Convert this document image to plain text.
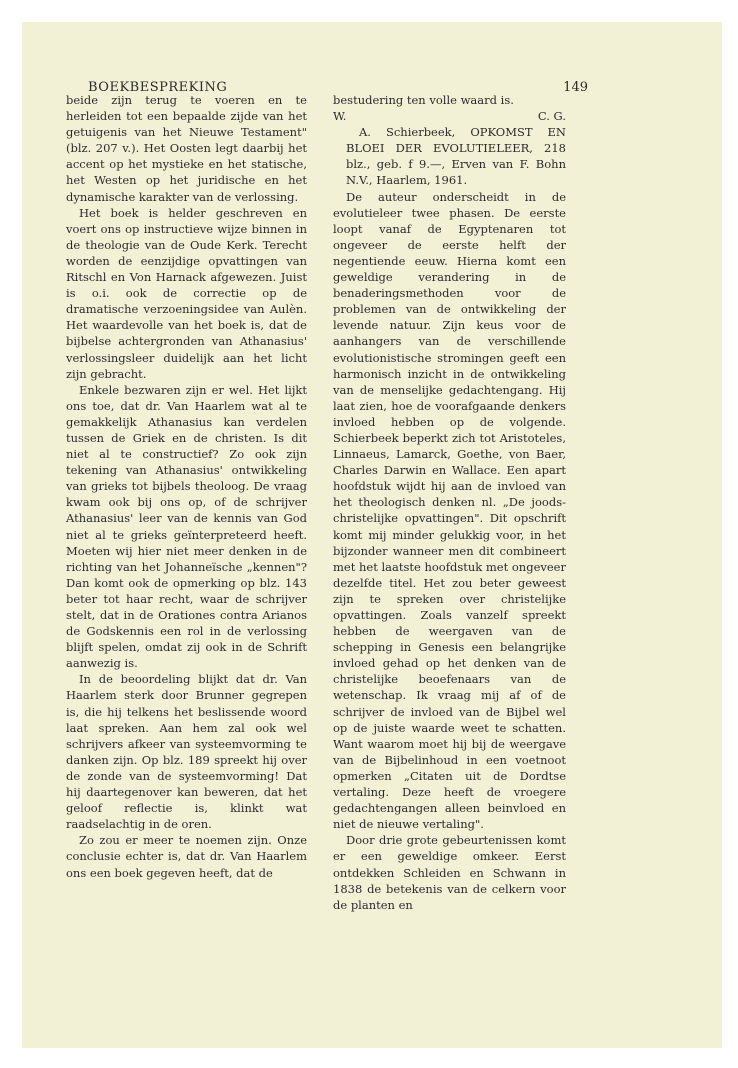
BOEKBESPREKING	149

beide zijn terug te voeren en te herleiden tot een bepaalde zijde van het getuigenis van het Nieuwe Testament" (blz. 207 v.). Het Oosten legt daarbij het accent op het mystieke en het statische, het Westen op het juridische en het dynamische karakter van de verlossing.

Het boek is helder geschreven en voert ons op instructieve wijze binnen in de theologie van de Oude Kerk. Terecht worden de eenzijdige opvattingen van Ritschl en Von Harnack afgewezen. Juist is o.i. ook de correctie op de dramatische verzoeningsidee van Aulèn. Het waardevolle van het boek is, dat de bijbelse achtergronden van Athanasius' verlossingsleer duidelijk aan het licht zijn gebracht.

Enkele bezwaren zijn er wel. Het lijkt ons toe, dat dr. Van Haarlem wat al te gemakkelijk Athanasius kan verdelen tussen de Griek en de christen. Is dit niet al te constructief? Zo ook zijn tekening van Athanasius' ontwikkeling van grieks tot bijbels theoloog. De vraag kwam ook bij ons op, of de schrijver Athanasius' leer van de kennis van God niet al te grieks geïnterpreteerd heeft. Moeten wij hier niet meer denken in de richting van het Johanneïsche „kennen"? Dan komt ook de opmerking op blz. 143 beter tot haar recht, waar de schrijver stelt, dat in de Orationes contra Arianos de Godskennis een rol in de verlossing blijft spelen, omdat zij ook in de Schrift aanwezig is.

In de beoordeling blijkt dat dr. Van Haarlem sterk door Brunner gegrepen is, die hij telkens het beslissende woord laat spreken. Aan hem zal ook wel schrijvers afkeer van systeemvorming te danken zijn. Op blz. 189 spreekt hij over de zonde van de systeemvorming! Dat hij daartegenover kan beweren, dat het geloof reflectie is, klinkt wat raadselachtig in de oren.

Zo zou er meer te noemen zijn. Onze conclusie echter is, dat dr. Van Haarlem ons een boek gegeven heeft, dat de

bestudering ten volle waard is.

W.	C. G.

A. Schierbeek, OPKOMST EN BLOEI DER EVOLUTIELEER, 218 blz., geb. f 9.—, Erven van F. Bohn N.V., Haarlem, 1961.

De auteur onderscheidt in de evolutieleer twee phasen. De eerste loopt vanaf de Egyptenaren tot ongeveer de eerste helft der negentiende eeuw. Hierna komt een geweldige verandering in de benaderingsmethoden voor de problemen van de ontwikkeling der levende natuur. Zijn keus voor de aanhangers van de verschillende evolutionistische stromingen geeft een harmonisch inzicht in de ontwikkeling van de menselijke gedachtengang. Hij laat zien, hoe de voorafgaande denkers invloed hebben op de volgende. Schierbeek beperkt zich tot Aristoteles, Linnaeus, Lamarck, Goethe, von Baer, Charles Darwin en Wallace. Een apart hoofdstuk wijdt hij aan de invloed van het theologisch denken nl. „De joods-christelijke opvattingen". Dit opschrift komt mij minder gelukkig voor, in het bijzonder wanneer men dit combineert met het laatste hoofdstuk met ongeveer dezelfde titel. Het zou beter geweest zijn te spreken over christelijke opvattingen. Zoals vanzelf spreekt hebben de weergaven van de schepping in Genesis een belangrijke invloed gehad op het denken van de christelijke beoefenaars van de wetenschap. Ik vraag mij af of de schrijver de invloed van de Bijbel wel op de juiste waarde weet te schatten. Want waarom moet hij bij de weergave van de Bijbelinhoud in een voetnoot opmerken „Citaten uit de Dordtse vertaling. Deze heeft de vroegere gedachtengangen alleen beinvloed en niet de nieuwe vertaling".

Door drie grote gebeurtenissen komt er een geweldige omkeer. Eerst ontdekken Schleiden en Schwann in 1838 de betekenis van de celkern voor de planten en
